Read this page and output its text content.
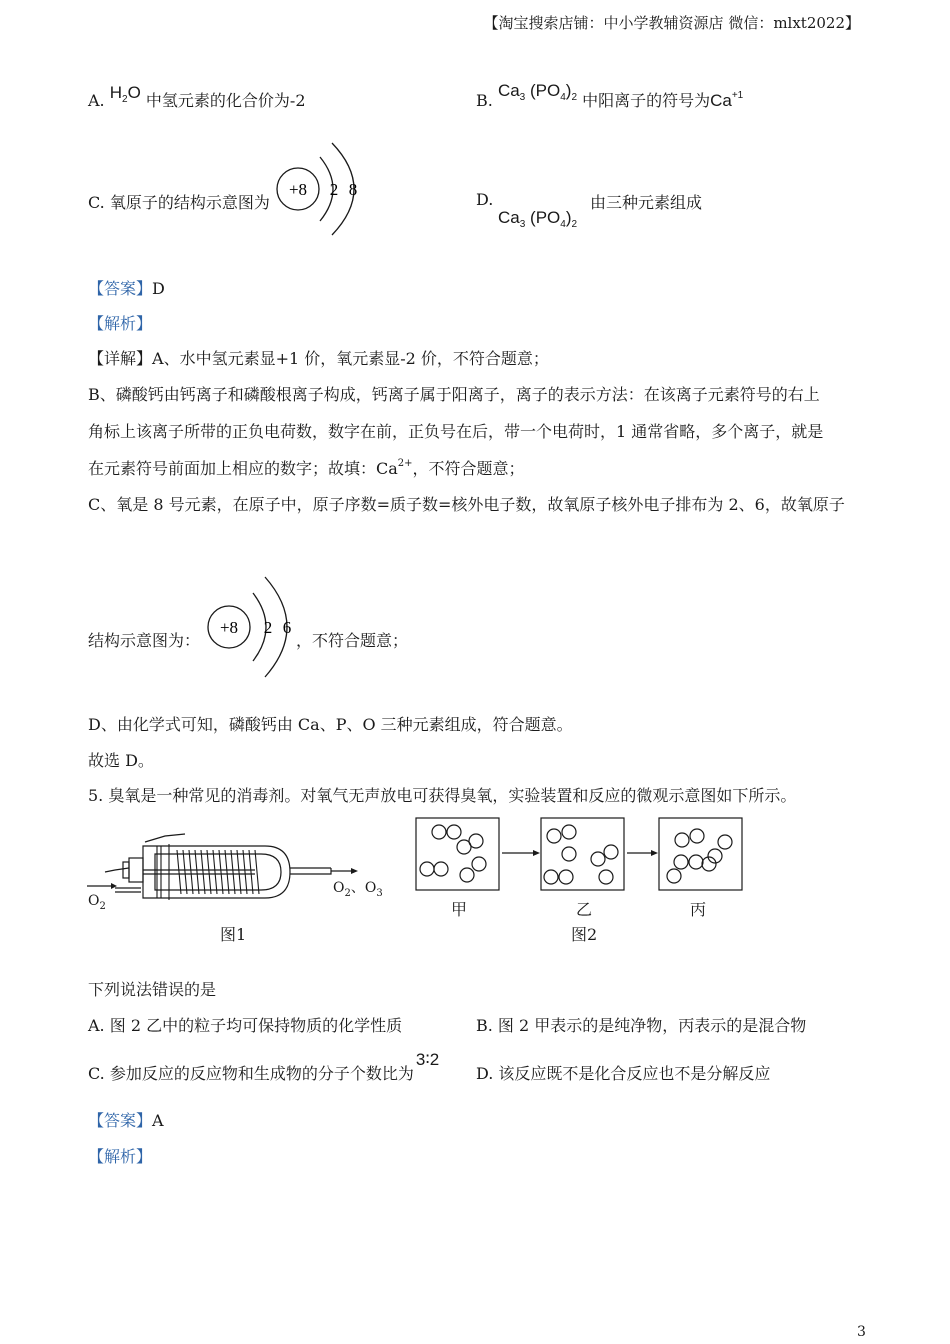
【淘宝搜索店铺：中小学教辅资源店 微信：mlxt2022】
A. $H_2O$ 中氢元素的化合价为-2	B. $Ca_3$ $(PO_4)_2$ 中阳离子的符号为$Ca^{+1}$
C. 氧原子的结构示意图为
+8 2 8
D.
$Ca_3$ $(PO_4)_2$
由三种元素组成
【答案】D
【解析】
【详解】A、水中氢元素显+1 价，氧元素显-2 价，不符合题意；
B、磷酸钙由钙离子和磷酸根离子构成，钙离子属于阳离子，离子的表示方法：在该离子元素符号的右上
角标上该离子所带的正负电荷数，数字在前，正负号在后，带一个电荷时，1 通常省略，多个离子，就是
在元素符号前面加上相应的数字；故填：$Ca^{2+}$，不符合题意；
C、氧是 8 号元素，在原子中，原子序数=质子数=核外电子数，故氧原子核外电子排布为 2、6，故氧原子
结构示意图为：
+8 2 6
，不符合题意；
D、由化学式可知，磷酸钙由 Ca、P、O 三种元素组成，符合题意。
故选 D。
5. 臭氧是一种常见的消毒剂。对氧气无声放电可获得臭氧，实验装置和反应的微观示意图如下所示。
$O_2$
$O_2$、$O_3$
图1
甲	乙	丙
图2
下列说法错误的是
A. 图 2 乙中的粒子均可保持物质的化学性质	B. 图 2 甲表示的是纯净物，丙表示的是混合物
C. 参加反应的反应物和生成物的分子个数比为3∶2
D. 该反应既不是化合反应也不是分解反应
【答案】A
【解析】
3
